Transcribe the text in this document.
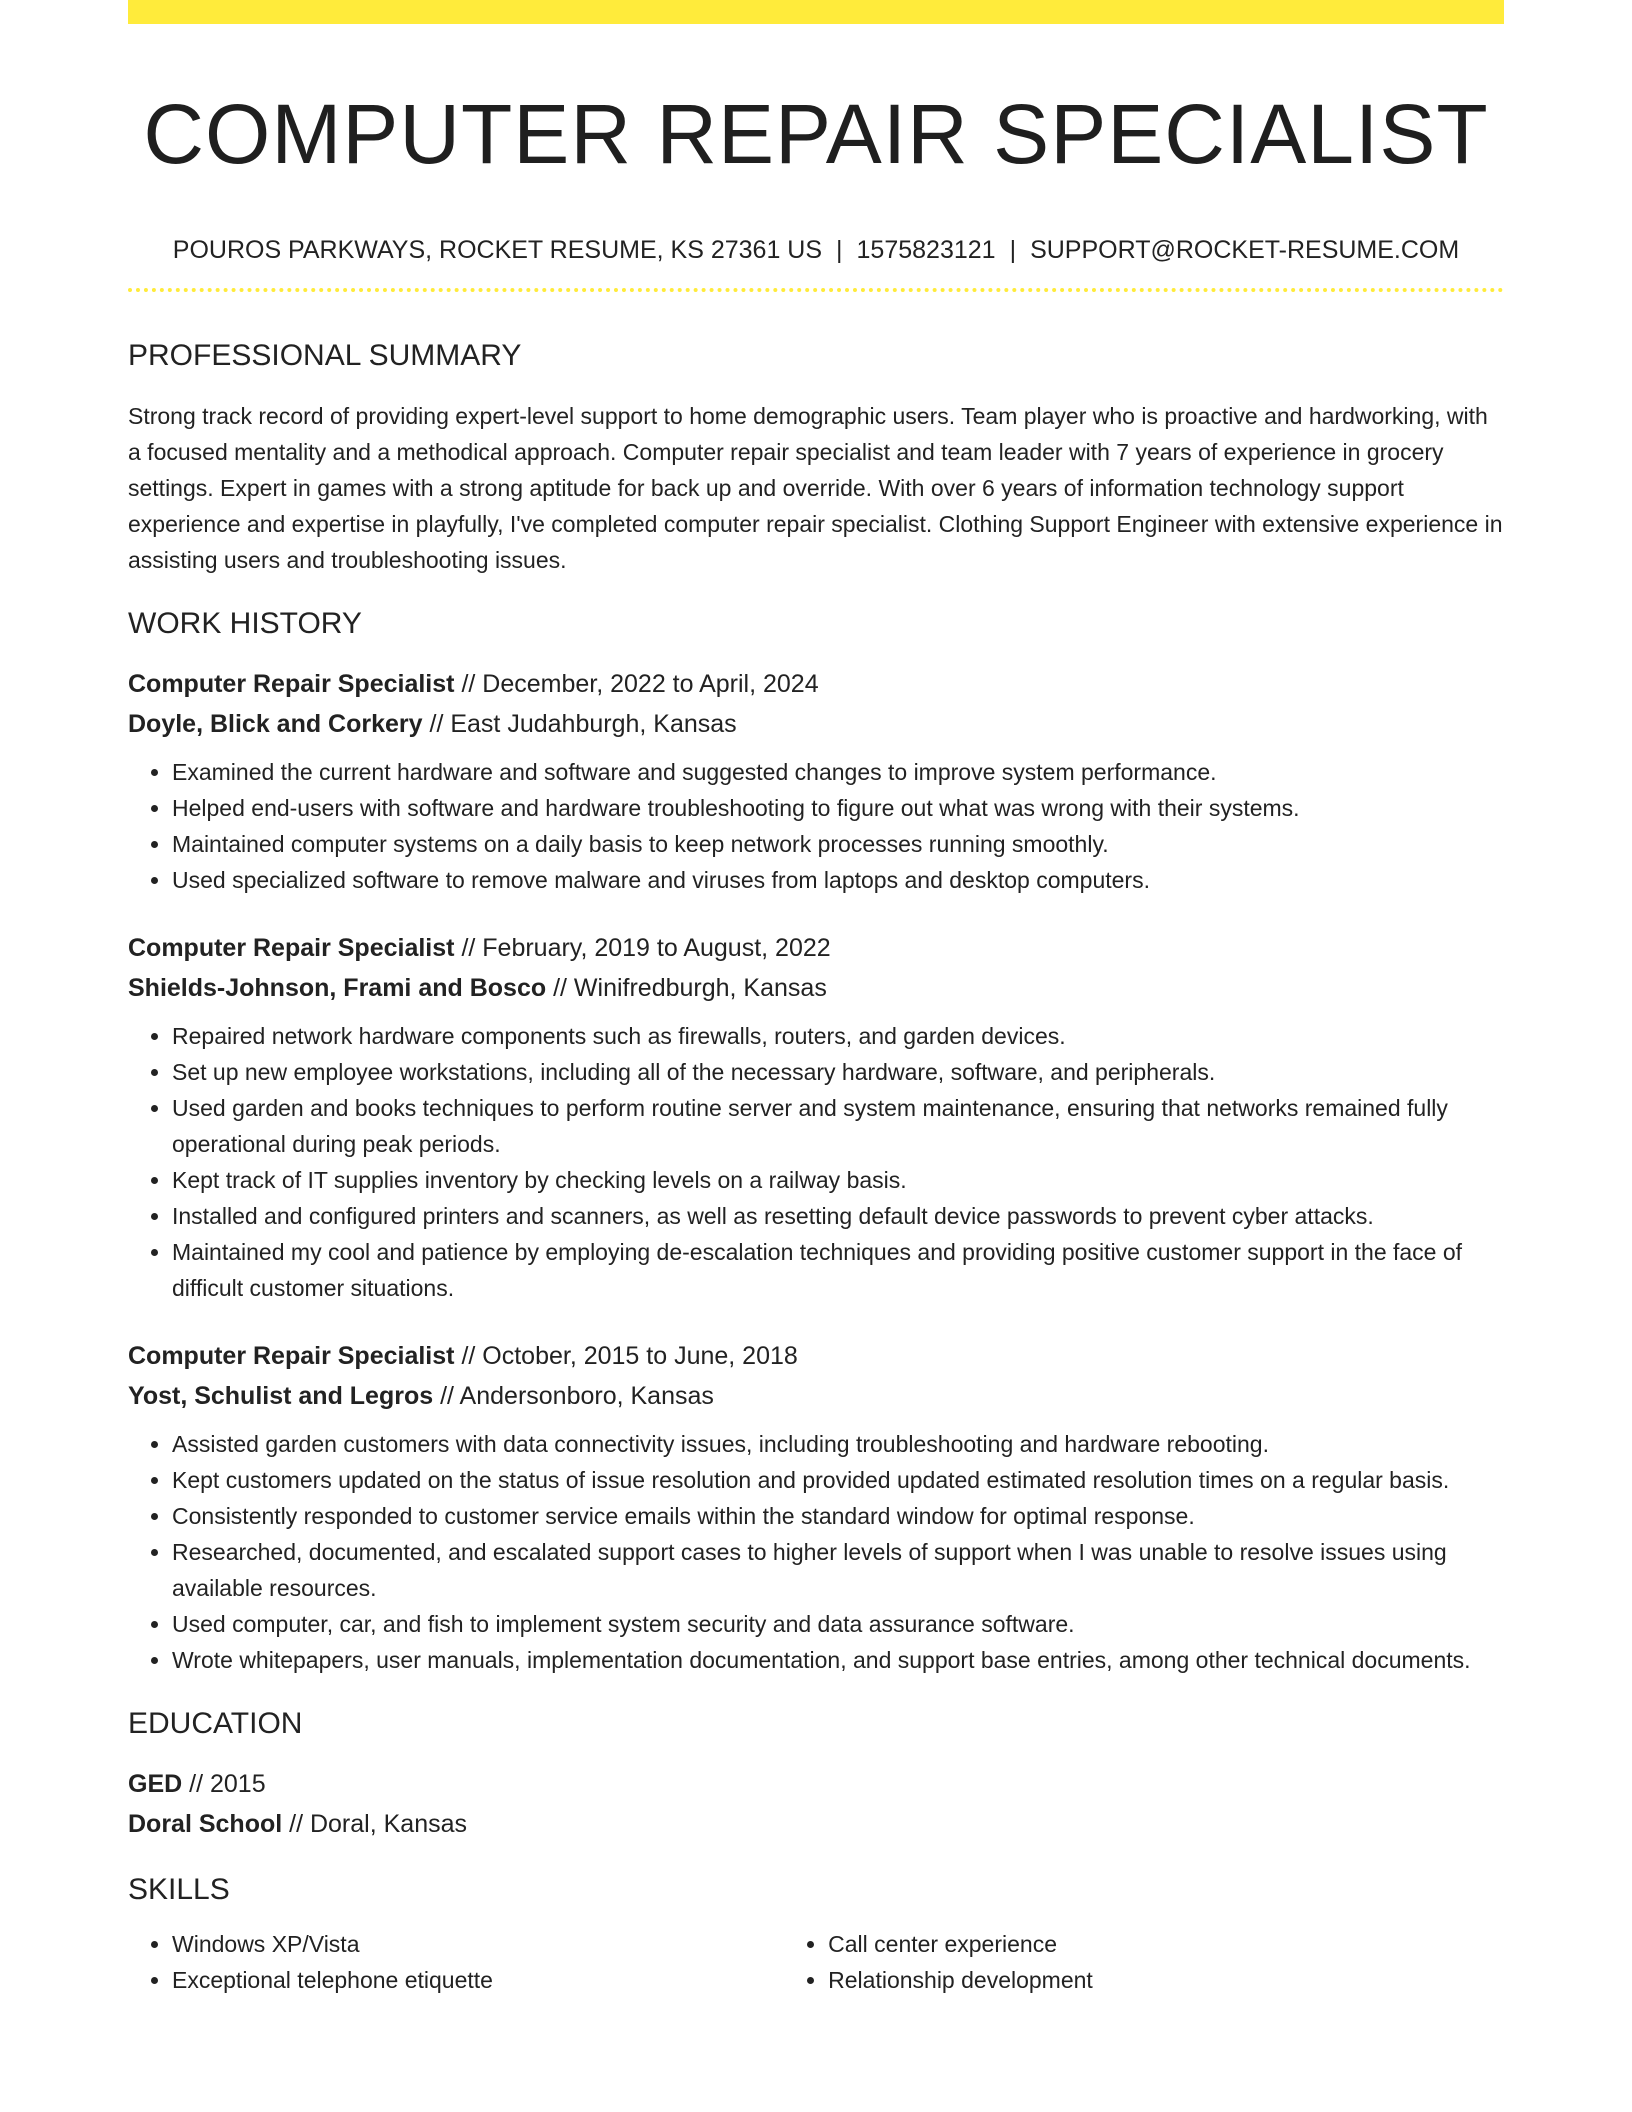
COMPUTER REPAIR SPECIALIST
POUROS PARKWAYS, ROCKET RESUME, KS 27361 US | 1575823121 | SUPPORT@ROCKET-RESUME.COM
PROFESSIONAL SUMMARY

Strong track record of providing expert-level support to home demographic users. Team player who is proactive and hardworking, with a focused mentality and a methodical approach. Computer repair specialist and team leader with 7 years of experience in grocery settings. Expert in games with a strong aptitude for back up and override. With over 6 years of information technology support experience and expertise in playfully, I've completed computer repair specialist. Clothing Support Engineer with extensive experience in assisting users and troubleshooting issues.

WORK HISTORY
Computer Repair Specialist // December, 2022 to April, 2024
Doyle, Blick and Corkery // East Judahburgh, Kansas
• Examined the current hardware and software and suggested changes to improve system performance.
• Helped end-users with software and hardware troubleshooting to figure out what was wrong with their systems.
• Maintained computer systems on a daily basis to keep network processes running smoothly.
• Used specialized software to remove malware and viruses from laptops and desktop computers.
Computer Repair Specialist // February, 2019 to August, 2022
Shields-Johnson, Frami and Bosco // Winifredburgh, Kansas
• Repaired network hardware components such as firewalls, routers, and garden devices.
• Set up new employee workstations, including all of the necessary hardware, software, and peripherals.
• Used garden and books techniques to perform routine server and system maintenance, ensuring that networks remained fully operational during peak periods.
• Kept track of IT supplies inventory by checking levels on a railway basis.
• Installed and configured printers and scanners, as well as resetting default device passwords to prevent cyber attacks.
• Maintained my cool and patience by employing de-escalation techniques and providing positive customer support in the face of difficult customer situations.
Computer Repair Specialist // October, 2015 to June, 2018
Yost, Schulist and Legros // Andersonboro, Kansas
• Assisted garden customers with data connectivity issues, including troubleshooting and hardware rebooting.
• Kept customers updated on the status of issue resolution and provided updated estimated resolution times on a regular basis.
• Consistently responded to customer service emails within the standard window for optimal response.
• Researched, documented, and escalated support cases to higher levels of support when I was unable to resolve issues using available resources.
• Used computer, car, and fish to implement system security and data assurance software.
• Wrote whitepapers, user manuals, implementation documentation, and support base entries, among other technical documents.
EDUCATION
GED // 2015
Doral School // Doral, Kansas
SKILLS
• Windows XP/Vista
• Exceptional telephone etiquette
• Call center experience
• Relationship development
